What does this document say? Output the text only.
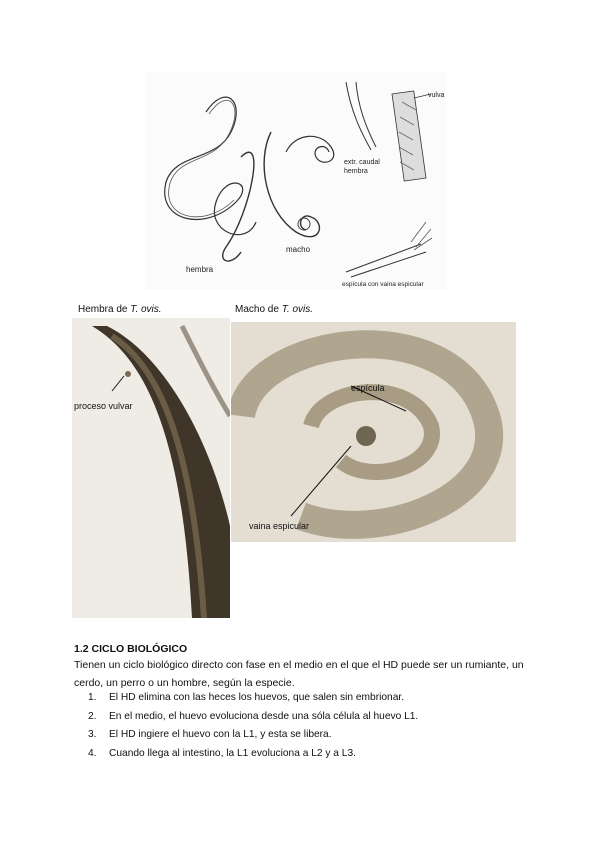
hembra
macho
extr. caudal
hembra
vulva
espícula con vaina espicular
Hembra de T. ovis.
proceso vulvar
Macho de T. ovis.
espícula
vaina espicular
1.2 CICLO BIOLÓGICO
Tienen un ciclo biológico directo con fase en el medio en el que el HD puede ser un rumiante, un cerdo, un perro o un hombre, según la especie.
1. El HD elimina con las heces los huevos, que salen sin embrionar.
2. En el medio, el huevo evoluciona desde una sóla célula al huevo L1.
3. El HD ingiere el huevo con la L1, y esta se libera.
4. Cuando llega al intestino, la L1 evoluciona a L2 y a L3.
